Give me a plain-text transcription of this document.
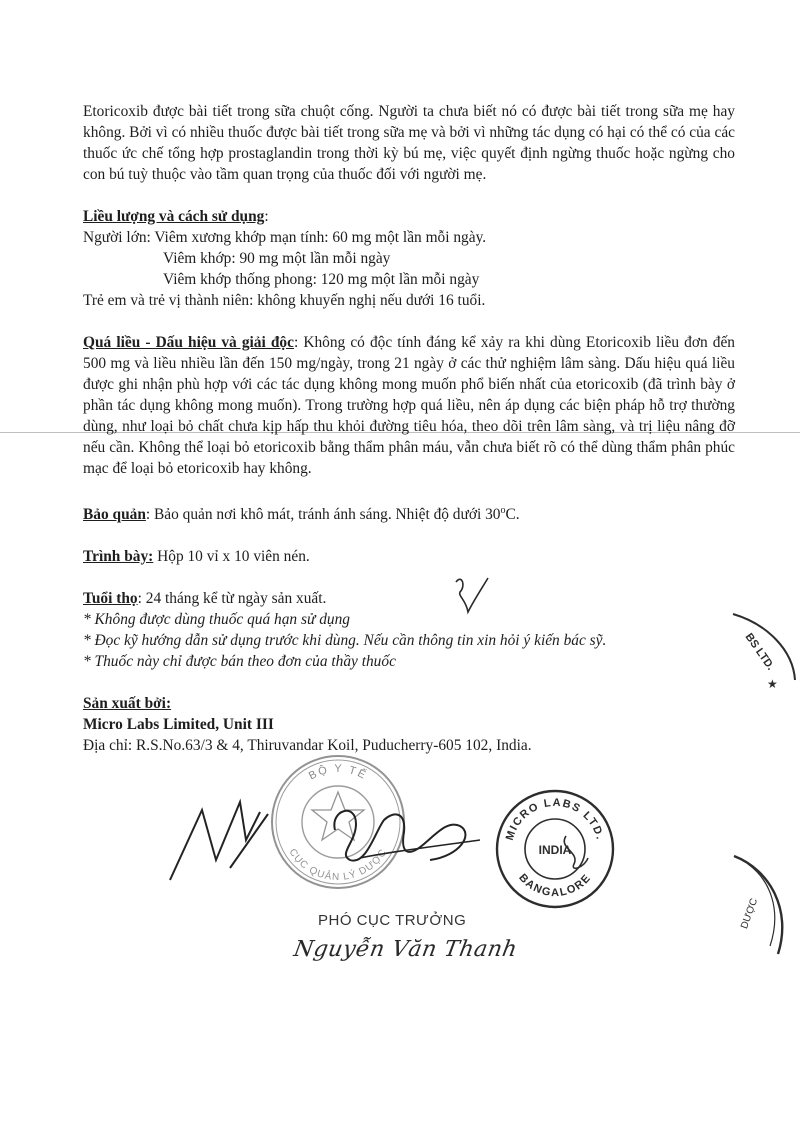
Etoricoxib được bài tiết trong sữa chuột cống. Người ta chưa biết nó có được bài tiết trong sữa mẹ hay không. Bởi vì có nhiều thuốc được bài tiết trong sữa mẹ và bởi vì những tác dụng có hại có thể có của các thuốc ức chế tổng hợp prostaglandin trong thời kỳ bú mẹ, việc quyết định ngừng thuốc hoặc ngừng cho con bú tuỳ thuộc vào tầm quan trọng của thuốc đối với người mẹ.

Liều lượng và cách sử dụng:

Người lớn: Viêm xương khớp mạn tính: 60 mg một lần mỗi ngày.

Viêm khớp: 90 mg một lần mỗi ngày

Viêm khớp thống phong: 120 mg một lần mỗi ngày

Trẻ em và trẻ vị thành niên: không khuyến nghị nếu dưới 16 tuổi.

Quá liều - Dấu hiệu và giải độc: Không có độc tính đáng kể xảy ra khi dùng Etoricoxib liều đơn đến 500 mg và liều nhiều lần đến 150 mg/ngày, trong 21 ngày ở các thử nghiệm lâm sàng. Dấu hiệu quá liều được ghi nhận phù hợp với các tác dụng không mong muốn phổ biến nhất của etoricoxib (đã trình bày ở phần tác dụng không mong muốn). Trong trường hợp quá liều, nên áp dụng các biện pháp hỗ trợ thường dùng, như loại bỏ chất chưa kịp hấp thu khỏi đường tiêu hóa, theo dõi trên lâm sàng, và trị liệu nâng đỡ nếu cần. Không thể loại bỏ etoricoxib bằng thẩm phân máu, vẫn chưa biết rõ có thể dùng thẩm phân phúc mạc để loại bỏ etoricoxib hay không.

Bảo quản: Bảo quản nơi khô mát, tránh ánh sáng. Nhiệt độ dưới 30$^o$C.

Trình bày: Hộp 10 vỉ x 10 viên nén.

Tuổi thọ: 24 tháng kể từ ngày sản xuất.

* Không được dùng thuốc quá hạn sử dụng

* Đọc kỹ hướng dẫn sử dụng trước khi dùng. Nếu cần thông tin xin hỏi ý kiến bác sỹ.

* Thuốc này chỉ được bán theo đơn của thầy thuốc

Sản xuất bởi:

Micro Labs Limited, Unit III

Địa chỉ: R.S.No.63/3 & 4, Thiruvandar Koil, Puducherry-605 102, India.

BỘ Y TẾ
CỤC QUẢN LÝ DƯỢC
MICRO LABS LTD.
BANGALORE
INDIA
PHÓ CỤC TRƯỞNG
Nguyễn Văn Thanh
BS LTD.
★
DƯỢC
